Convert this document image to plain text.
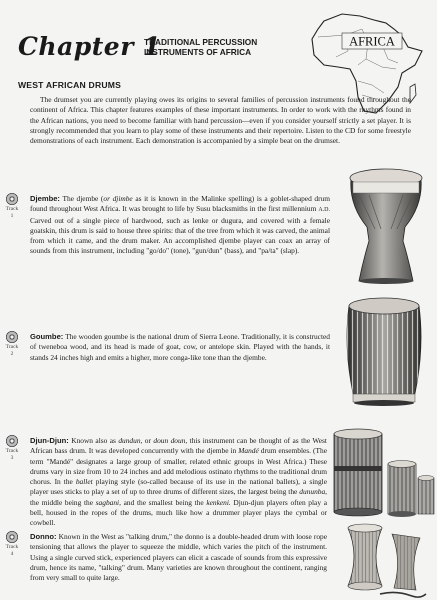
Chapter 1
TRADITIONAL PERCUSSION
INSTRUMENTS OF AFRICA
AFRICA
WEST AFRICAN DRUMS

The drumset you are currently playing owes its origins to several families of percussion instruments found throughout the continent of Africa. This chapter features examples of these important instruments. In order to work with the rhythms found in the African nations, you need to become familiar with hand percussion—even if you consider yourself strictly a set player. It is strongly recommended that you learn to play some of these instruments and their repertoire. Listen to the CD for some freestyle demonstrations of each instrument. Each demonstration is accompanied by a simple beat on the drumset.

Track
1

Djembe: The djembe (or djimbe as it is known in the Malinke spelling) is a goblet-shaped drum found throughout West Africa. It was brought to life by Susu blacksmiths in the first millennium A.D. Carved out of a single piece of hardwood, such as lenke or dugura, and covered with a female goatskin, this drum is said to house three spirits: that of the tree from which it was carved, the animal from which it came, and the drum maker. An accomplished djembe player can coax an array of sounds from this instrument, including "go/do" (tone), "gun/dun" (bass), and "pa/ta" (slap).

Track
2

Goumbe: The wooden goumbe is the national drum of Sierra Leone. Traditionally, it is constructed of tweneboa wood, and its head is made of goat, cow, or antelope skin. Played with the hands, it stands 24 inches high and emits a higher, more conga-like tone than the djembe.

Track
3

Djun-Djun: Known also as dundun, or doun doun, this instrument can be thought of as the West African bass drum. It was developed concurrently with the djembe in Mandé drum ensembles. (The term "Mandé" designates a large group of smaller, related ethnic groups in West Africa.) These drums vary in size from 10 to 24 inches and add melodious ostinato rhythms to the traditional drum chorus. In the ballet playing style (so-called because of its use in the national ballets), a single player uses sticks to play a set of up to three drums of different sizes, the largest being the dununba, the middle being the sagbani, and the smallest being the kenkeni. Djun-djun players often play a bell, housed in the ropes of the drums, much like how a drummer player plays the cymbal or cowbell.

Track
4

Donno: Known in the West as "talking drum," the donno is a double-headed drum with loose rope tensioning that allows the player to squeeze the middle, which varies the pitch of the instrument. Using a single curved stick, experienced players can elicit a cascade of sounds from this expressive drum, hence its name, "talking" drum. Many varieties are known throughout the continent, ranging from very small to quite large.
